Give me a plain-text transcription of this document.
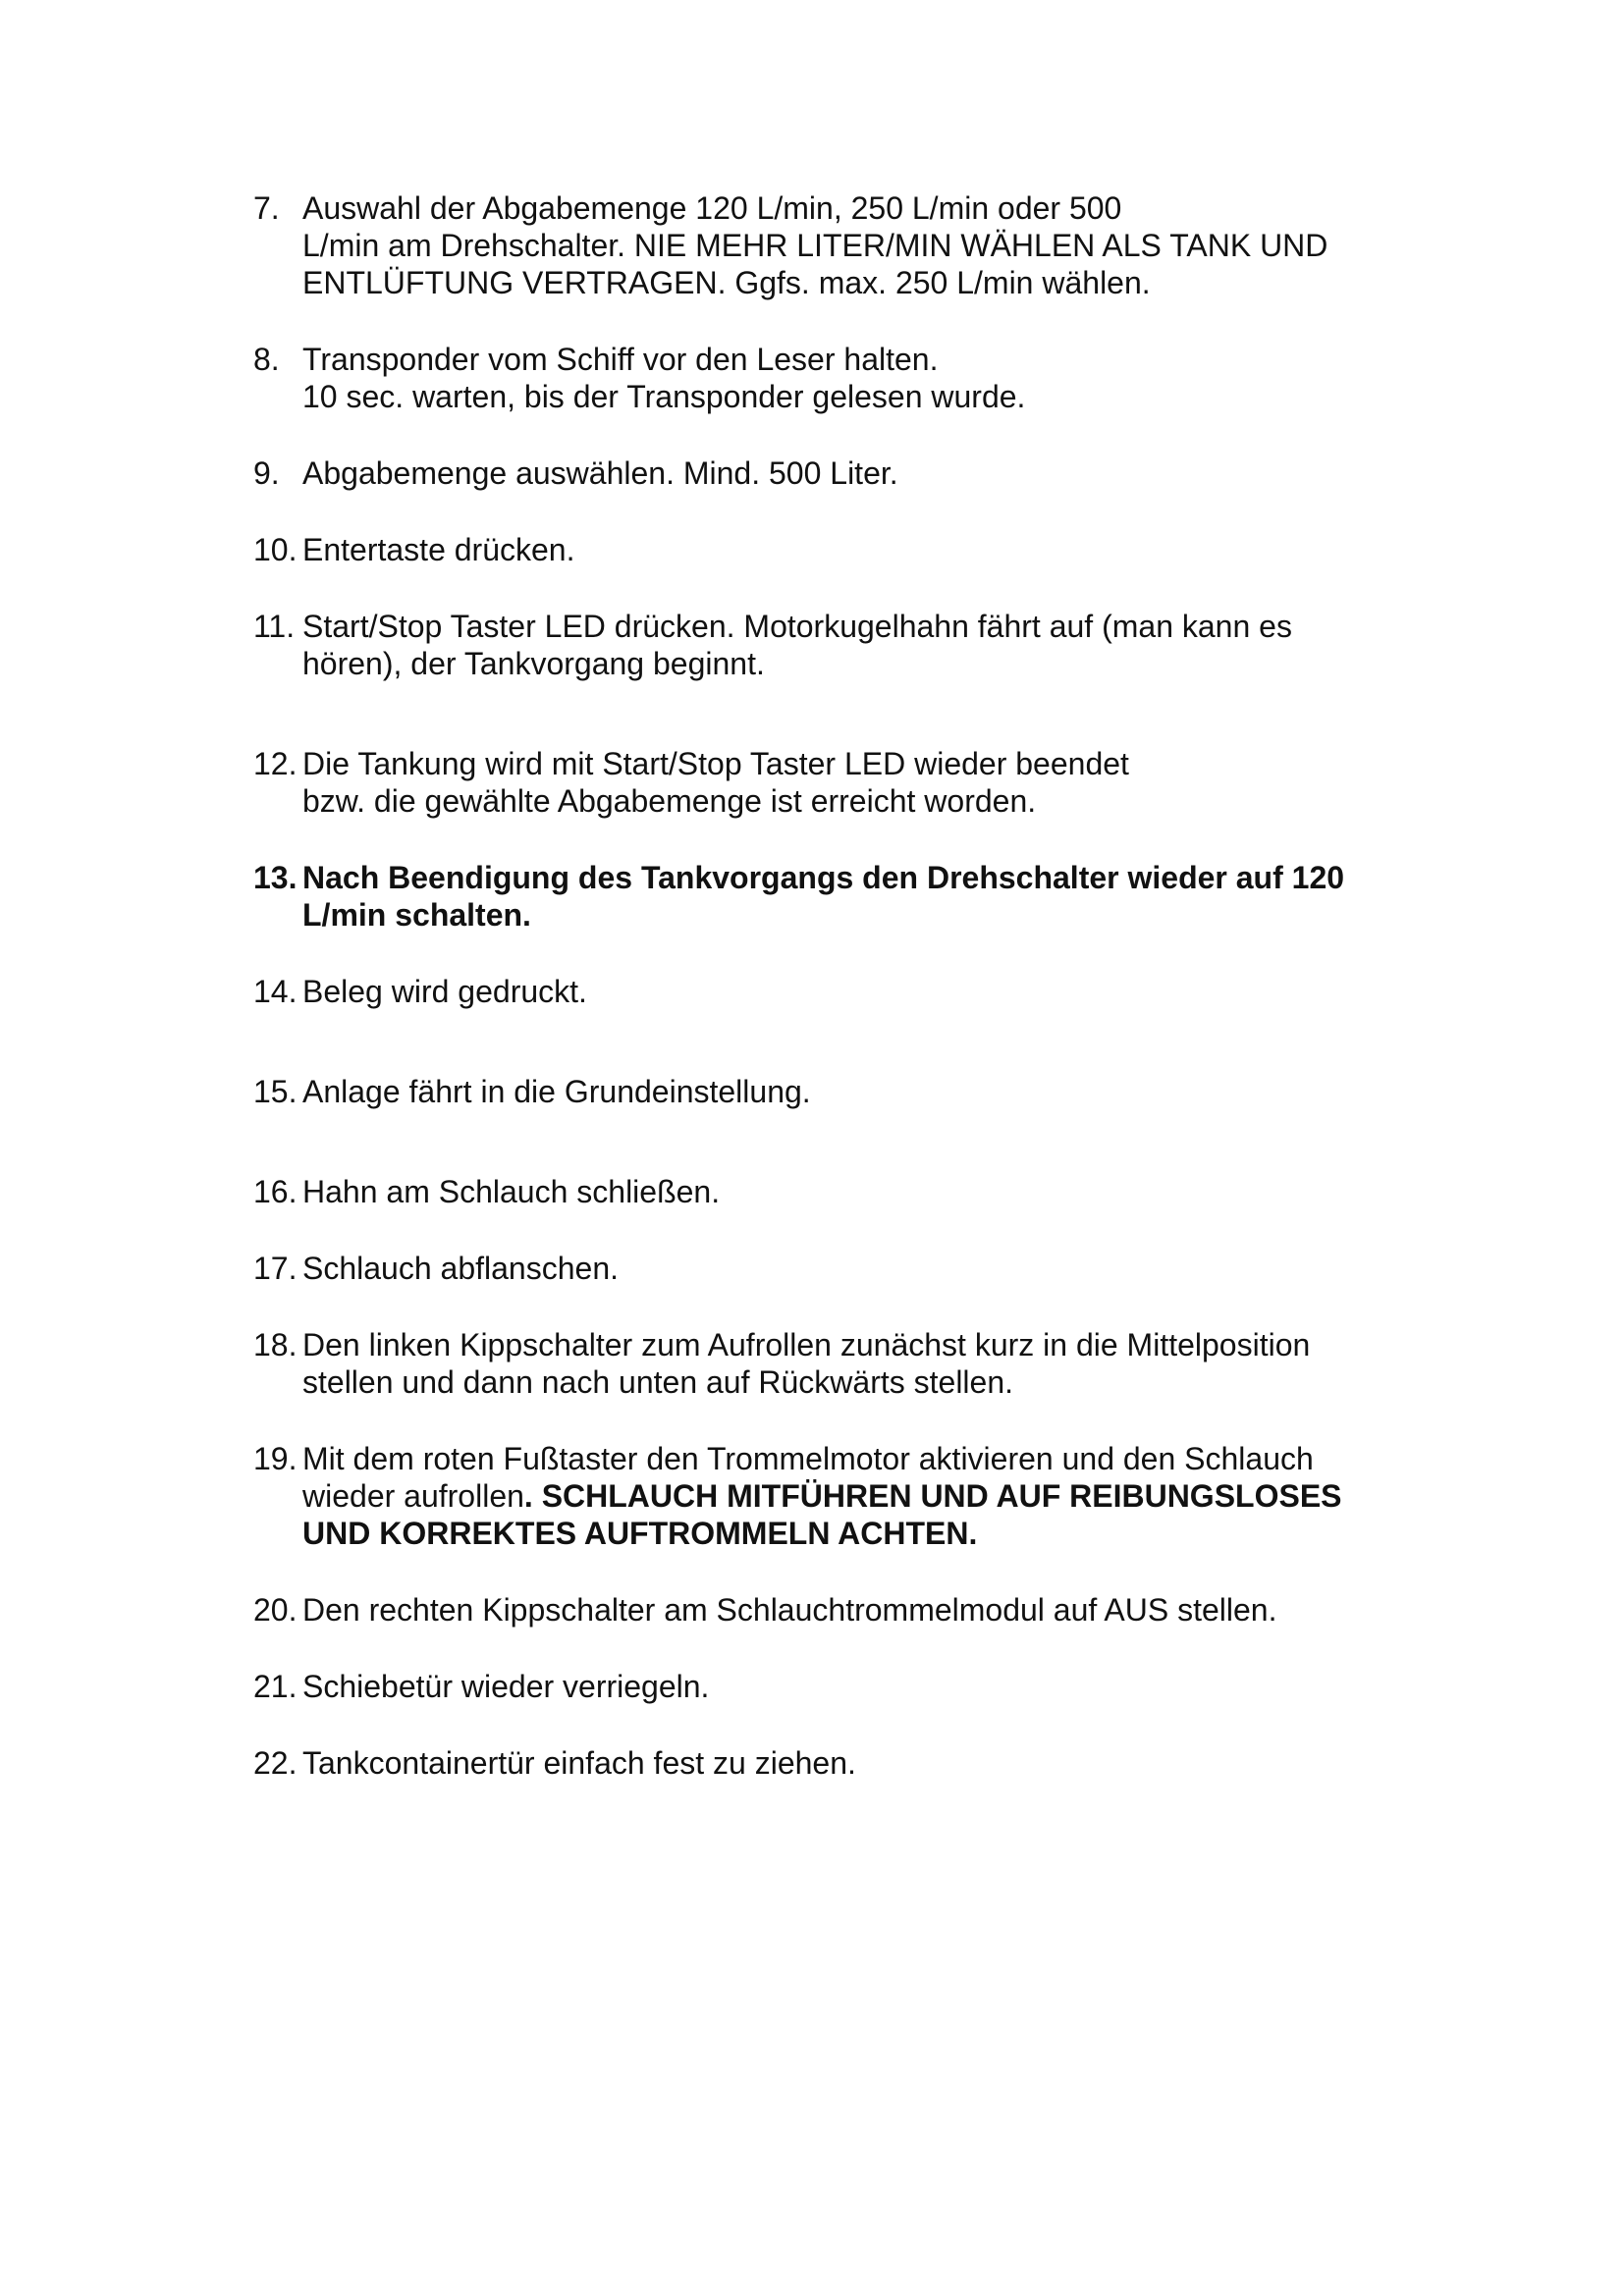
7. Auswahl der Abgabemenge 120 L/min, 250 L/min oder 500
L/min am Drehschalter. NIE MEHR LITER/MIN WÄHLEN ALS TANK UND
ENTLÜFTUNG VERTRAGEN. Ggfs. max. 250 L/min wählen.
8. Transponder vom Schiff vor den Leser halten.
10 sec. warten, bis der Transponder gelesen wurde.
9. Abgabemenge auswählen. Mind. 500 Liter.
10. Entertaste drücken.
11. Start/Stop Taster LED drücken. Motorkugelhahn fährt auf (man kann es
hören), der Tankvorgang beginnt.
12. Die Tankung wird mit Start/Stop Taster LED wieder beendet
bzw. die gewählte Abgabemenge ist erreicht worden.
13. Nach Beendigung des Tankvorgangs den Drehschalter wieder auf 120
L/min schalten.
14. Beleg wird gedruckt.
15. Anlage fährt in die Grundeinstellung.
16. Hahn am Schlauch schließen.
17. Schlauch abflanschen.
18. Den linken Kippschalter zum Aufrollen zunächst kurz in die Mittelposition
stellen und dann nach unten auf Rückwärts stellen.
19. Mit dem roten Fußtaster den Trommelmotor aktivieren und den Schlauch
wieder aufrollen. SCHLAUCH MITFÜHREN UND AUF REIBUNGSLOSES
UND KORREKTES AUFTROMMELN ACHTEN.
20. Den rechten Kippschalter am Schlauchtrommelmodul auf AUS stellen.
21. Schiebetür wieder verriegeln.
22. Tankcontainertür einfach fest zu ziehen.
